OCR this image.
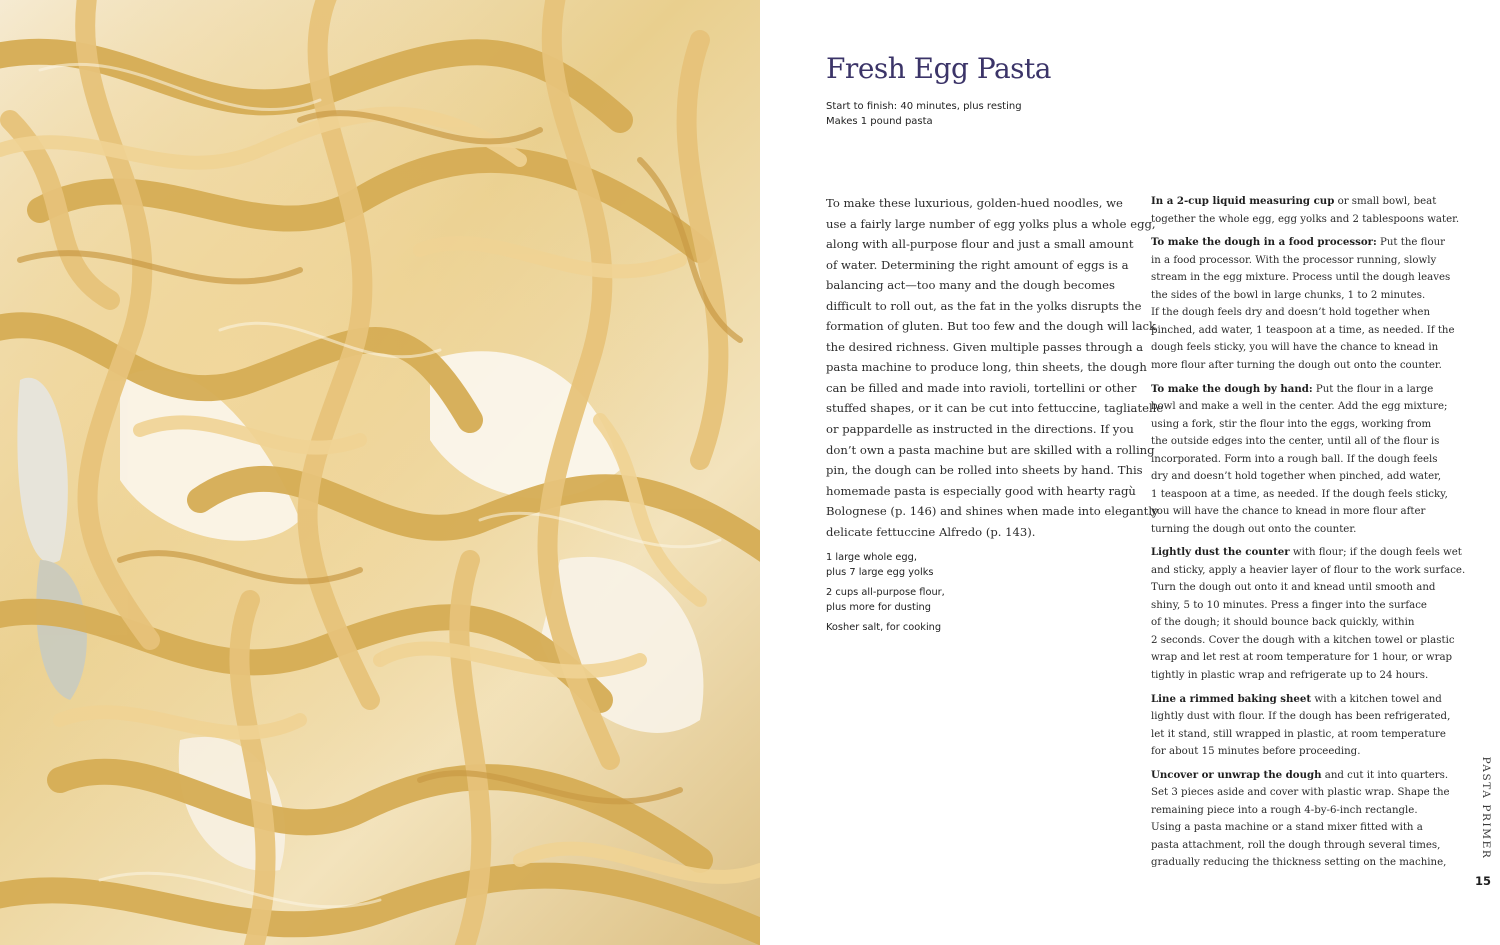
Fresh Egg Pasta
Start to finish: 40 minutes, plus resting
Makes 1 pound pasta
To make these luxurious, golden-hued noodles, we
use a fairly large number of egg yolks plus a whole egg,
along with all-purpose flour and just a small amount
of water. Determining the right amount of eggs is a
balancing act—too many and the dough becomes
difficult to roll out, as the fat in the yolks disrupts the
formation of gluten. But too few and the dough will lack
the desired richness. Given multiple passes through a
pasta machine to produce long, thin sheets, the dough
can be filled and made into ravioli, tortellini or other
stuffed shapes, or it can be cut into fettuccine, tagliatelle
or pappardelle as instructed in the directions. If you
don’t own a pasta machine but are skilled with a rolling
pin, the dough can be rolled into sheets by hand. This
homemade pasta is especially good with hearty ragù
Bolognese (p. 146) and shines when made into elegantly
delicate fettuccine Alfredo (p. 143).
1 large whole egg,
plus 7 large egg yolks
2 cups all-purpose flour,
plus more for dusting
Kosher salt, for cooking
In a 2-cup liquid measuring cup or small bowl, beat
together the whole egg, egg yolks and 2 tablespoons water.
To make the dough in a food processor: Put the flour
in a food processor. With the processor running, slowly
stream in the egg mixture. Process until the dough leaves
the sides of the bowl in large chunks, 1 to 2 minutes.
If the dough feels dry and doesn’t hold together when
pinched, add water, 1 teaspoon at a time, as needed. If the
dough feels sticky, you will have the chance to knead in
more flour after turning the dough out onto the counter.
To make the dough by hand: Put the flour in a large
bowl and make a well in the center. Add the egg mixture;
using a fork, stir the flour into the eggs, working from
the outside edges into the center, until all of the flour is
incorporated. Form into a rough ball. If the dough feels
dry and doesn’t hold together when pinched, add water,
1 teaspoon at a time, as needed. If the dough feels sticky,
you will have the chance to knead in more flour after
turning the dough out onto the counter.
Lightly dust the counter with flour; if the dough feels wet
and sticky, apply a heavier layer of flour to the work surface.
Turn the dough out onto it and knead until smooth and
shiny, 5 to 10 minutes. Press a finger into the surface
of the dough; it should bounce back quickly, within
2 seconds. Cover the dough with a kitchen towel or plastic
wrap and let rest at room temperature for 1 hour, or wrap
tightly in plastic wrap and refrigerate up to 24 hours.
Line a rimmed baking sheet with a kitchen towel and
lightly dust with flour. If the dough has been refrigerated,
let it stand, still wrapped in plastic, at room temperature
for about 15 minutes before proceeding.
Uncover or unwrap the dough and cut it into quarters.
Set 3 pieces aside and cover with plastic wrap. Shape the
remaining piece into a rough 4-by-6-inch rectangle.
Using a pasta machine or a stand mixer fitted with a
pasta attachment, roll the dough through several times,
gradually reducing the thickness setting on the machine,
PASTA PRIMER
15
